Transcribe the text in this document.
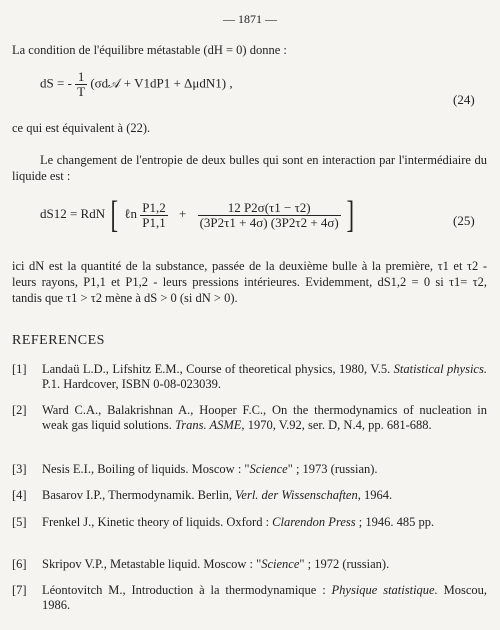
— 1871 —
La condition de l'équilibre métastable (dH = 0) donne :
dS = - $\frac{1}{T}$ (σd𝒜 + V1dP1 + ΔμdN1) ,
(24)
ce qui est équivalent à (22).
Le changement de l'entropie de deux bulles qui sont en interaction par l'intermédiaire du liquide est :
dS12 = RdN [ ℓn $\frac{P1,2}{P1,1} + \frac{12 P2\sigma(\tau 1 - \tau 2)}{(3P2\tau 1 + 4\sigma) (3P2\tau 2 + 4\sigma)}$ ]	(25)
ici dN est la quantité de la substance, passée de la deuxième bulle à la première, τ1 et τ2 - leurs rayons, P1,1 et P1,2 - leurs pressions intérieures. Evidemment, dS1,2 = 0 si τ1= τ2, tandis que τ1 > τ2 mène à dS > 0 (si dN > 0).
REFERENCES
[1] Landaü L.D., Lifshitz E.M., Course of theoretical physics, 1980, V.5. Statistical physics. P.1. Hardcover, ISBN 0-08-023039.
[2] Ward C.A., Balakrishnan A., Hooper F.C., On the thermodynamics of nucleation in weak gas liquid solutions. Trans. ASME, 1970, V.92, ser. D, N.4, pp. 681-688.
[3] Nesis E.I., Boiling of liquids. Moscow : "Science" ; 1973 (russian).
[4] Basarov I.P., Thermodynamik. Berlin, Verl. der Wissenschaften, 1964.
[5] Frenkel J., Kinetic theory of liquids. Oxford : Clarendon Press ; 1946. 485 pp.
[6] Skripov V.P., Metastable liquid. Moscow : "Science" ; 1972 (russian).
[7] Léontovitch M., Introduction à la thermodynamique : Physique statistique. Moscou, 1986.
